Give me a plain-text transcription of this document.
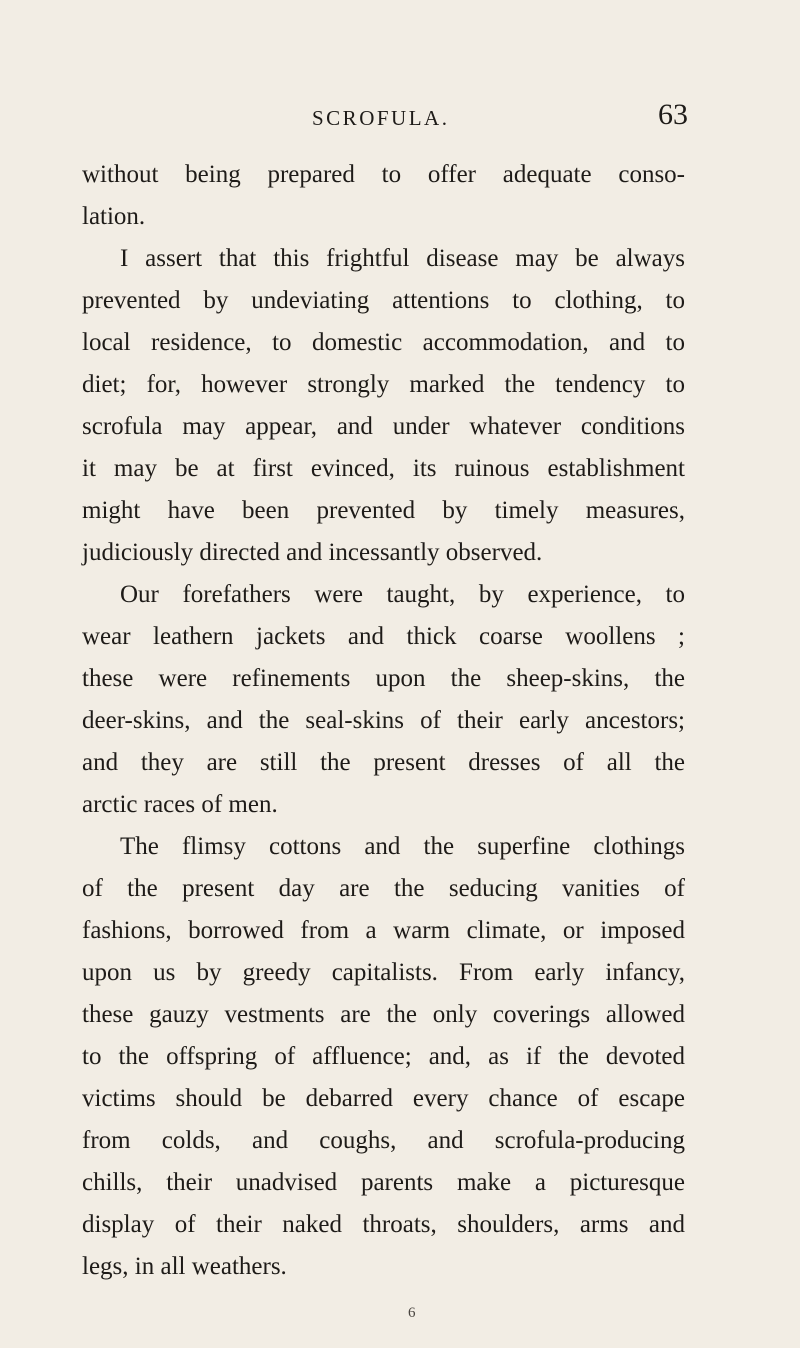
SCROFULA.	63
without being prepared to offer adequate conso-
lation.
I assert that this frightful disease may be always
prevented by undeviating attentions to clothing, to
local residence, to domestic accommodation, and to
diet; for, however strongly marked the tendency to
scrofula may appear, and under whatever conditions
it may be at first evinced, its ruinous establishment
might have been prevented by timely measures,
judiciously directed and incessantly observed.
Our forefathers were taught, by experience, to
wear leathern jackets and thick coarse woollens ;
these were refinements upon the sheep-skins, the
deer-skins, and the seal-skins of their early ancestors;
and they are still the present dresses of all the
arctic races of men.
The flimsy cottons and the superfine clothings
of the present day are the seducing vanities of
fashions, borrowed from a warm climate, or imposed
upon us by greedy capitalists. From early infancy,
these gauzy vestments are the only coverings allowed
to the offspring of affluence; and, as if the devoted
victims should be debarred every chance of escape
from colds, and coughs, and scrofula-producing
chills, their unadvised parents make a picturesque
display of their naked throats, shoulders, arms and
legs, in all weathers.
6
